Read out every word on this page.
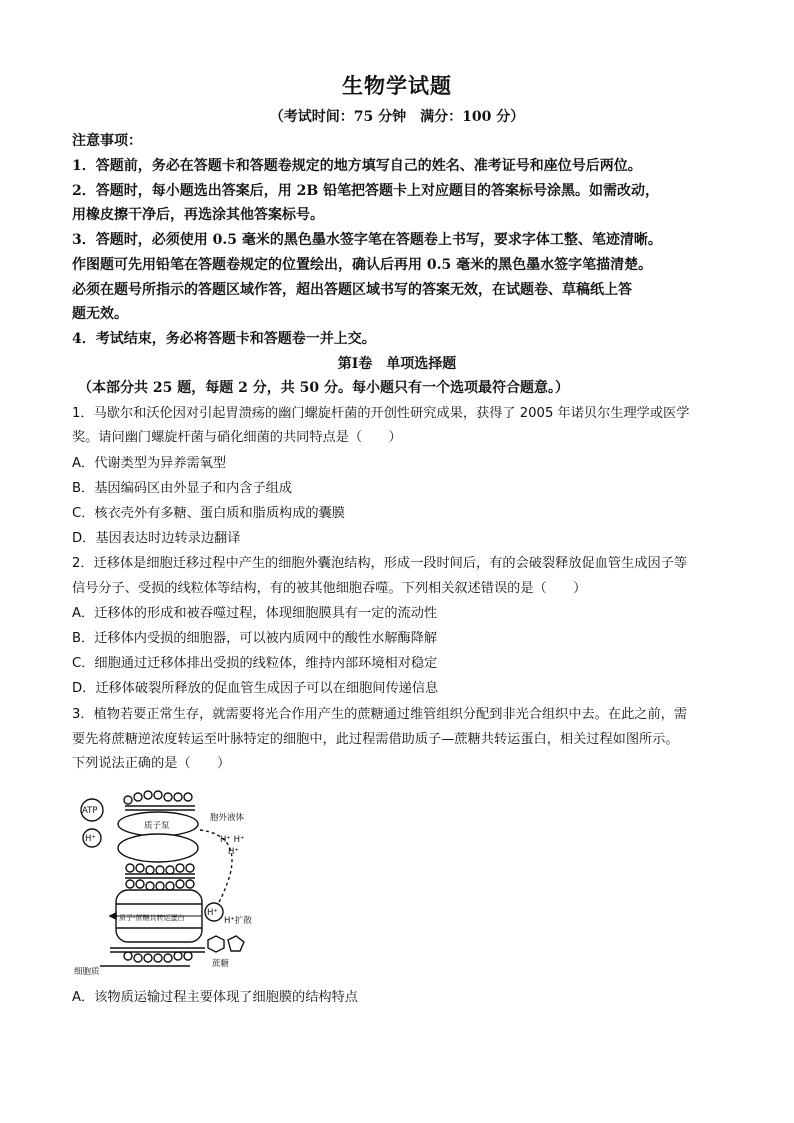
生物学试题
（考试时间：75 分钟　满分：100 分）
注意事项：
1．答题前，务必在答题卡和答题卷规定的地方填写自己的姓名、准考证号和座位号后两位。
2．答题时，每小题选出答案后，用 2B 铅笔把答题卡上对应题目的答案标号涂黑。如需改动，
用橡皮擦干净后，再选涂其他答案标号。
3．答题时，必须使用 0.5 毫米的黑色墨水签字笔在答题卷上书写，要求字体工整、笔迹清晰。
作图题可先用铅笔在答题卷规定的位置绘出，确认后再用 0.5 毫米的黑色墨水签字笔描清楚。
必须在题号所指示的答题区域作答，超出答题区域书写的答案无效，在试题卷、草稿纸上答
题无效。
4．考试结束，务必将答题卡和答题卷一并上交。
第Ⅰ卷　单项选择题
（本部分共 25 题，每题 2 分，共 50 分。每小题只有一个选项最符合题意。）
1．马歇尔和沃伦因对引起胃溃疡的幽门螺旋杆菌的开创性研究成果，获得了 2005 年诺贝尔生理学或医学
奖。请问幽门螺旋杆菌与硝化细菌的共同特点是（　　）
A．代谢类型为异养需氧型
B．基因编码区由外显子和内含子组成
C．核衣壳外有多糖、蛋白质和脂质构成的囊膜
D．基因表达时边转录边翻译
2．迁移体是细胞迁移过程中产生的细胞外囊泡结构，形成一段时间后，有的会破裂释放促血管生成因子等
信号分子、受损的线粒体等结构，有的被其他细胞吞噬。下列相关叙述错误的是（　　）
A．迁移体的形成和被吞噬过程，体现细胞膜具有一定的流动性
B．迁移体内受损的细胞器，可以被内质网中的酸性水解酶降解
C．细胞通过迁移体排出受损的线粒体，维持内部环境相对稳定
D．迁移体破裂所释放的促血管生成因子可以在细胞间传递信息
3．植物若要正常生存，就需要将光合作用产生的蔗糖通过维管组织分配到非光合组织中去。在此之前，需
要先将蔗糖逆浓度转运至叶脉特定的细胞中，此过程需借助质子—蔗糖共转运蛋白，相关过程如图所示。
下列说法正确的是（　　）
ATP
H⁺
质子泵
胞外液体
H⁺ H⁺
H⁺
H⁺
H⁺扩散
质子-蔗糖共转运蛋白
蔗糖
细胞质
A．该物质运输过程主要体现了细胞膜的结构特点
